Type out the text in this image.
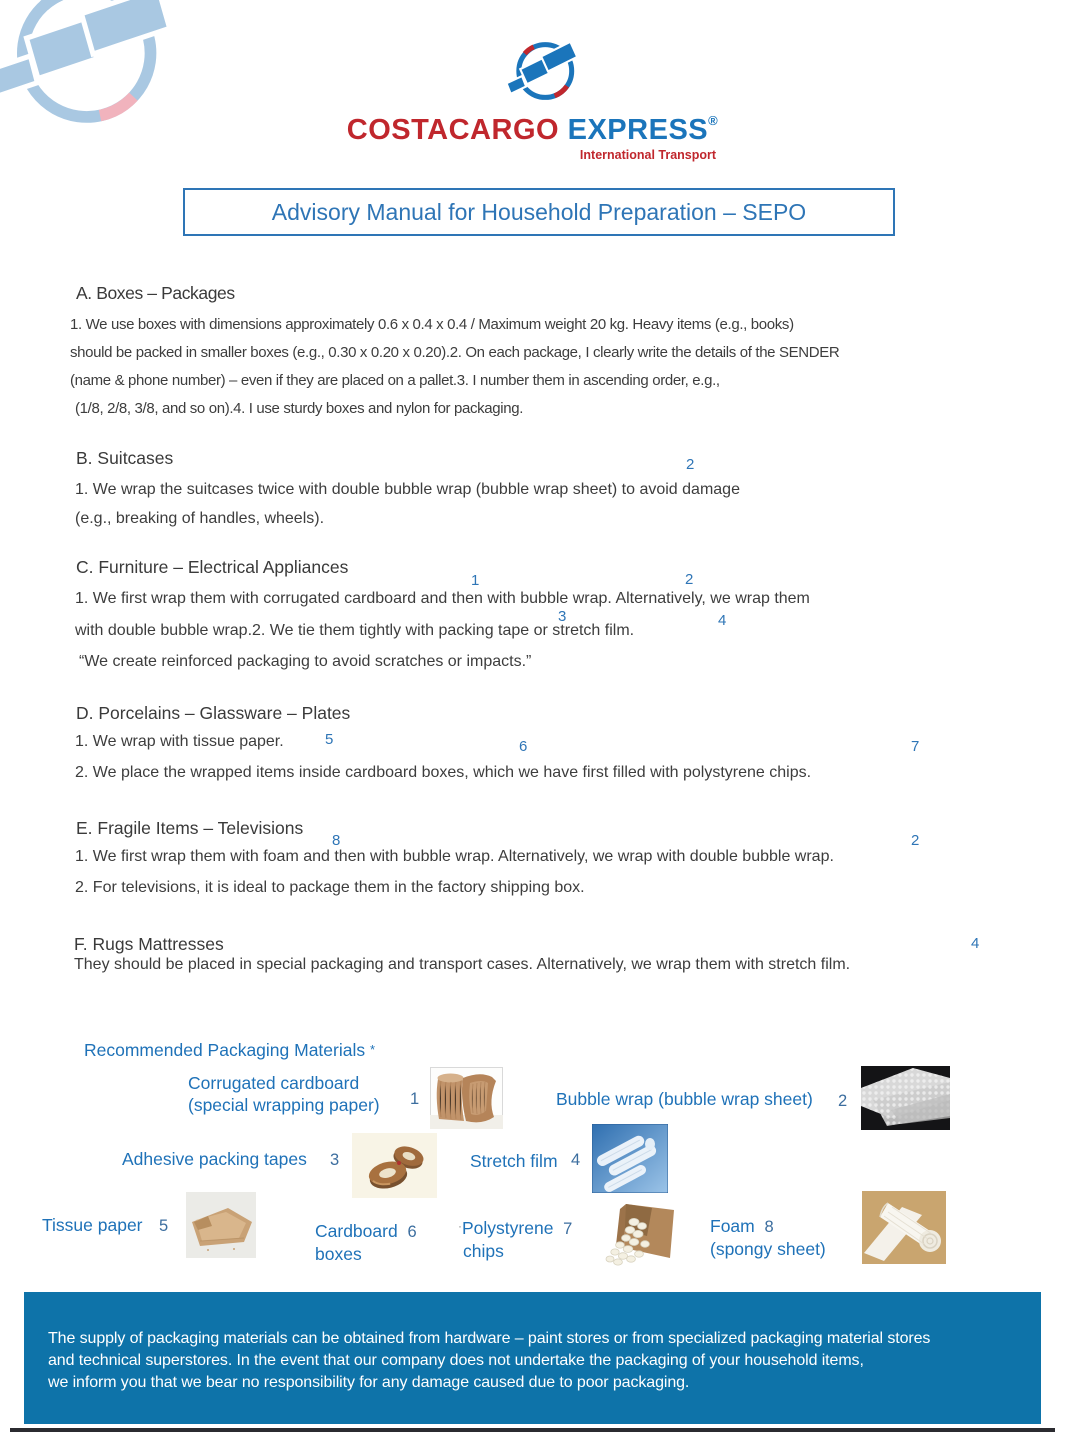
COSTACARGO EXPRESS®
International Transport
Advisory Manual for Household Preparation – SEPO
A. Boxes – Packages
1. We use boxes with dimensions approximately 0.6 x 0.4 x 0.4 / Maximum weight 20 kg. Heavy items (e.g., books)
should be packed in smaller boxes (e.g., 0.30 x 0.20 x 0.20).2. On each package, I clearly write the details of the SENDER
(name & phone number) – even if they are placed on a pallet.3. I number them in ascending order, e.g.,
(1/8, 2/8, 3/8, and so on).4. I use sturdy boxes and nylon for packaging.
B. Suitcases	2
1. We wrap the suitcases twice with double bubble wrap (bubble wrap sheet) to avoid damage
(e.g., breaking of handles, wheels).
C. Furniture – Electrical Appliances
1	2
1. We first wrap them with corrugated cardboard and then with bubble wrap. Alternatively, we wrap them
3	4
with double bubble wrap.2. We tie them tightly with packing tape or stretch film.
“We create reinforced packaging to avoid scratches or impacts.”
D. Porcelains – Glassware – Plates
1. We wrap with tissue paper.	5	6	7
2. We place the wrapped items inside cardboard boxes, which we have first filled with polystyrene chips.
E. Fragile Items – Televisions
8	2
1. We first wrap them with foam and then with bubble wrap. Alternatively, we wrap with double bubble wrap.
2. For televisions, it is ideal to package them in the factory shipping box.
F. Rugs Mattresses	4
They should be placed in special packaging and transport cases. Alternatively, we wrap them with stretch film.
Recommended Packaging Materials *
Corrugated cardboard
(special wrapping paper) 1	Bubble wrap (bubble wrap sheet) 2
Adhesive packing tapes 3	Stretch film 4
Tissue paper 5	Cardboard 6
boxes
·Polystyrene 7
chips
Foam 8
(spongy sheet)
The supply of packaging materials can be obtained from hardware – paint stores or from specialized packaging material stores
and technical superstores. In the event that our company does not undertake the packaging of your household items,
we inform you that we bear no responsibility for any damage caused due to poor packaging.
